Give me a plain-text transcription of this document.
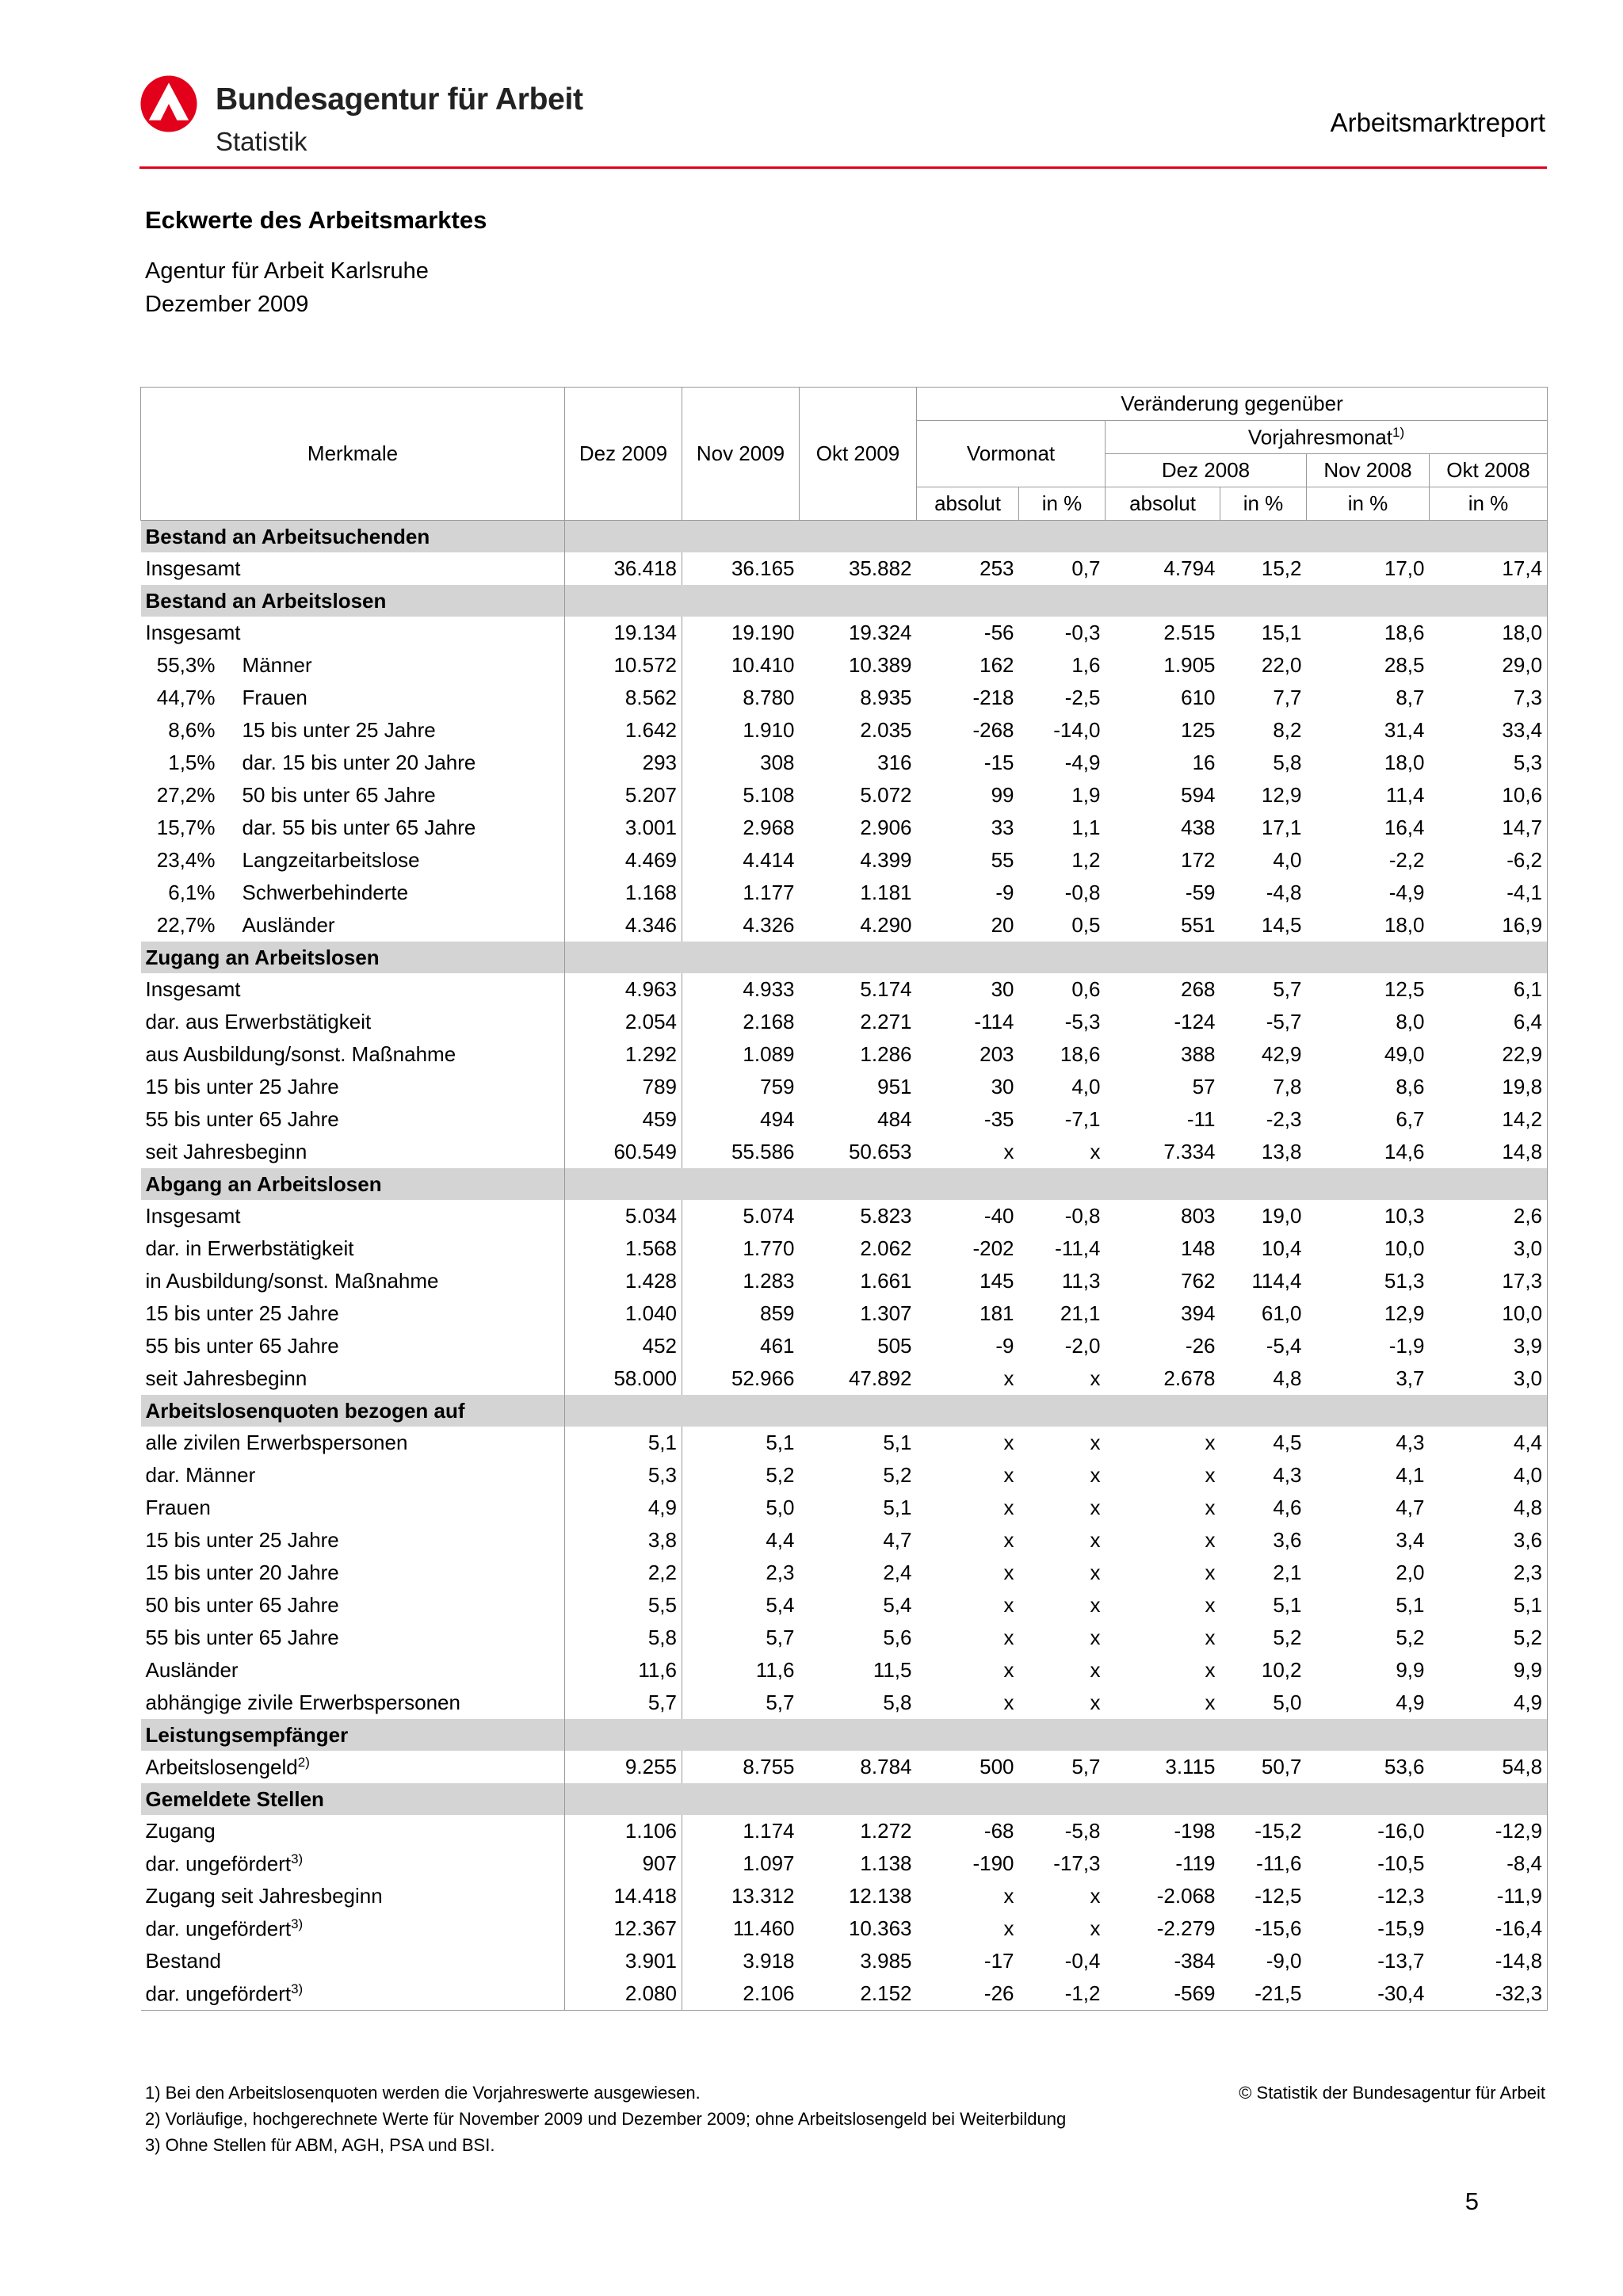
Bundesagentur für Arbeit
Statistik
Arbeitsmarktreport
Eckwerte des Arbeitsmarktes
Agentur für Arbeit Karlsruhe
Dezember 2009
Merkmale	Dez 2009	Nov 2009	Okt 2009	Veränderung gegenüber					
				Vormonat		Vorjahresmonat$^{1)}$
						Dez 2008		Nov 2008	Okt 2008
				absolut	in %	absolut	in %	in %	in %
Bestand an Arbeitsuchenden									
Insgesamt	36.418	36.165	35.882	253	0,7	4.794	15,2	17,0	17,4
Bestand an Arbeitslosen									
Insgesamt	19.134	19.190	19.324	-56	-0,3	2.515	15,1	18,6	18,0
55,3% Männer	10.572	10.410	10.389	162	1,6	1.905	22,0	28,5	29,0
44,7% Frauen	8.562	8.780	8.935	-218	-2,5	610	7,7	8,7	7,3
8,6% 15 bis unter 25 Jahre	1.642	1.910	2.035	-268	-14,0	125	8,2	31,4	33,4
1,5% dar. 15 bis unter 20 Jahre	293	308	316	-15	-4,9	16	5,8	18,0	5,3
27,2% 50 bis unter 65 Jahre	5.207	5.108	5.072	99	1,9	594	12,9	11,4	10,6
15,7% dar. 55 bis unter 65 Jahre	3.001	2.968	2.906	33	1,1	438	17,1	16,4	14,7
23,4% Langzeitarbeitslose	4.469	4.414	4.399	55	1,2	172	4,0	-2,2	-6,2
6,1% Schwerbehinderte	1.168	1.177	1.181	-9	-0,8	-59	-4,8	-4,9	-4,1
22,7% Ausländer	4.346	4.326	4.290	20	0,5	551	14,5	18,0	16,9
Zugang an Arbeitslosen									
Insgesamt	4.963	4.933	5.174	30	0,6	268	5,7	12,5	6,1
dar. aus Erwerbstätigkeit	2.054	2.168	2.271	-114	-5,3	-124	-5,7	8,0	6,4
aus Ausbildung/sonst. Maßnahme	1.292	1.089	1.286	203	18,6	388	42,9	49,0	22,9
15 bis unter 25 Jahre	789	759	951	30	4,0	57	7,8	8,6	19,8
55 bis unter 65 Jahre	459	494	484	-35	-7,1	-11	-2,3	6,7	14,2
seit Jahresbeginn	60.549	55.586	50.653	x	x	7.334	13,8	14,6	14,8
Abgang an Arbeitslosen									
Insgesamt	5.034	5.074	5.823	-40	-0,8	803	19,0	10,3	2,6
dar. in Erwerbstätigkeit	1.568	1.770	2.062	-202	-11,4	148	10,4	10,0	3,0
in Ausbildung/sonst. Maßnahme	1.428	1.283	1.661	145	11,3	762	114,4	51,3	17,3
15 bis unter 25 Jahre	1.040	859	1.307	181	21,1	394	61,0	12,9	10,0
55 bis unter 65 Jahre	452	461	505	-9	-2,0	-26	-5,4	-1,9	3,9
seit Jahresbeginn	58.000	52.966	47.892	x	x	2.678	4,8	3,7	3,0
Arbeitslosenquoten bezogen auf									
alle zivilen Erwerbspersonen	5,1	5,1	5,1	x	x	x	4,5	4,3	4,4
dar. Männer	5,3	5,2	5,2	x	x	x	4,3	4,1	4,0
Frauen	4,9	5,0	5,1	x	x	x	4,6	4,7	4,8
15 bis unter 25 Jahre	3,8	4,4	4,7	x	x	x	3,6	3,4	3,6
15 bis unter 20 Jahre	2,2	2,3	2,4	x	x	x	2,1	2,0	2,3
50 bis unter 65 Jahre	5,5	5,4	5,4	x	x	x	5,1	5,1	5,1
55 bis unter 65 Jahre	5,8	5,7	5,6	x	x	x	5,2	5,2	5,2
Ausländer	11,6	11,6	11,5	x	x	x	10,2	9,9	9,9
abhängige zivile Erwerbspersonen	5,7	5,7	5,8	x	x	x	5,0	4,9	4,9
Leistungsempfänger									
Arbeitslosengeld$^{2)}$	9.255	8.755	8.784	500	5,7	3.115	50,7	53,6	54,8
Gemeldete Stellen									
Zugang	1.106	1.174	1.272	-68	-5,8	-198	-15,2	-16,0	-12,9
dar. ungefördert$^{3)}$	907	1.097	1.138	-190	-17,3	-119	-11,6	-10,5	-8,4
Zugang seit Jahresbeginn	14.418	13.312	12.138	x	x	-2.068	-12,5	-12,3	-11,9
dar. ungefördert$^{3)}$	12.367	11.460	10.363	x	x	-2.279	-15,6	-15,9	-16,4
Bestand	3.901	3.918	3.985	-17	-0,4	-384	-9,0	-13,7	-14,8
dar. ungefördert$^{3)}$	2.080	2.106	2.152	-26	-1,2	-569	-21,5	-30,4	-32,3
1) Bei den Arbeitslosenquoten werden die Vorjahreswerte ausgewiesen.
2) Vorläufige, hochgerechnete Werte für November 2009 und Dezember 2009; ohne Arbeitslosengeld bei Weiterbildung
3) Ohne Stellen für ABM, AGH, PSA und BSI.
© Statistik der Bundesagentur für Arbeit
5
